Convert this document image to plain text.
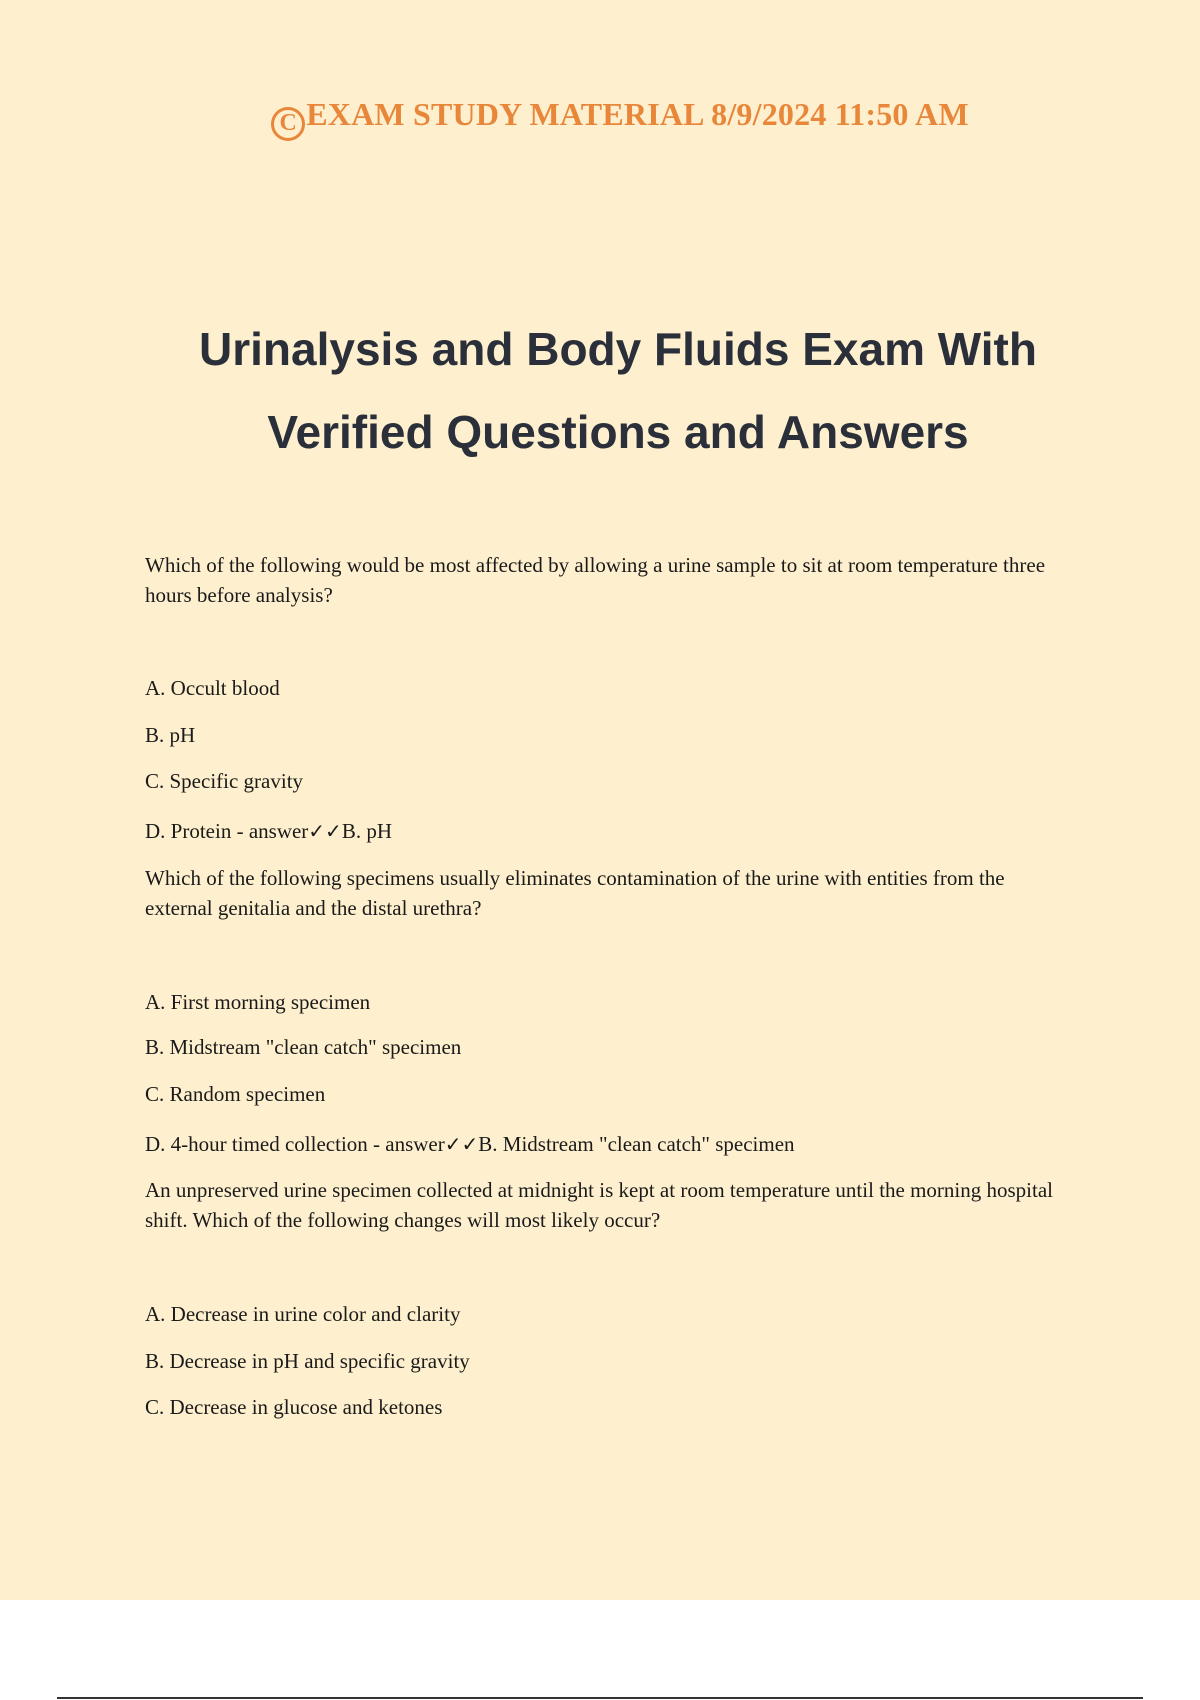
C EXAM STUDY MATERIAL 8/9/2024 11:50 AM
Urinalysis and Body Fluids Exam With
Verified Questions and Answers

Which of the following would be most affected by allowing a urine sample to sit at room temperature three hours before analysis?

A. Occult blood

B. pH

C. Specific gravity

D. Protein - answer✓✓B. pH

Which of the following specimens usually eliminates contamination of the urine with entities from the external genitalia and the distal urethra?

A. First morning specimen

B. Midstream "clean catch" specimen

C. Random specimen

D. 4-hour timed collection - answer✓✓B. Midstream "clean catch" specimen

An unpreserved urine specimen collected at midnight is kept at room temperature until the morning hospital shift. Which of the following changes will most likely occur?

A. Decrease in urine color and clarity

B. Decrease in pH and specific gravity

C. Decrease in glucose and ketones
